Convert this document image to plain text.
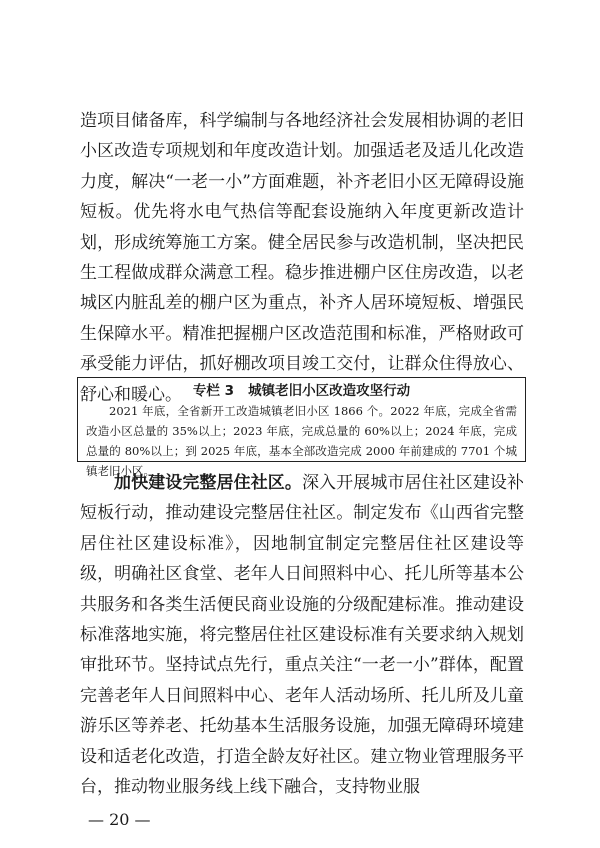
造项目储备库，科学编制与各地经济社会发展相协调的老旧小区改造专项规划和年度改造计划。加强适老及适儿化改造力度，解决“一老一小”方面难题，补齐老旧小区无障碍设施短板。优先将水电气热信等配套设施纳入年度更新改造计划，形成统筹施工方案。健全居民参与改造机制，坚决把民生工程做成群众满意工程。稳步推进棚户区住房改造，以老城区内脏乱差的棚户区为重点，补齐人居环境短板、增强民生保障水平。精准把握棚户区改造范围和标准，严格财政可承受能力评估，抓好棚改项目竣工交付，让群众住得放心、舒心和暖心。 专栏 3 城镇老旧小区改造攻坚行动

2021 年底，全省新开工改造城镇老旧小区 1866 个。2022 年底，完成全省需改造小区总量的 35%以上；2023 年底，完成总量的 60%以上；2024 年底，完成总量的 80%以上；到 2025 年底，基本全部改造完成 2000 年前建成的 7701 个城镇老旧小区。

加快建设完整居住社区。深入开展城市居住社区建设补短板行动，推动建设完整居住社区。制定发布《山西省完整居住社区建设标准》，因地制宜制定完整居住社区建设等级，明确社区食堂、老年人日间照料中心、托儿所等基本公共服务和各类生活便民商业设施的分级配建标准。推动建设标准落地实施，将完整居住社区建设标准有关要求纳入规划审批环节。坚持试点先行，重点关注“一老一小”群体，配置完善老年人日间照料中心、老年人活动场所、托儿所及儿童游乐区等养老、托幼基本生活服务设施，加强无障碍环境建设和适老化改造，打造全龄友好社区。建立物业管理服务平台，推动物业服务线上线下融合，支持物业服

— 20 —
